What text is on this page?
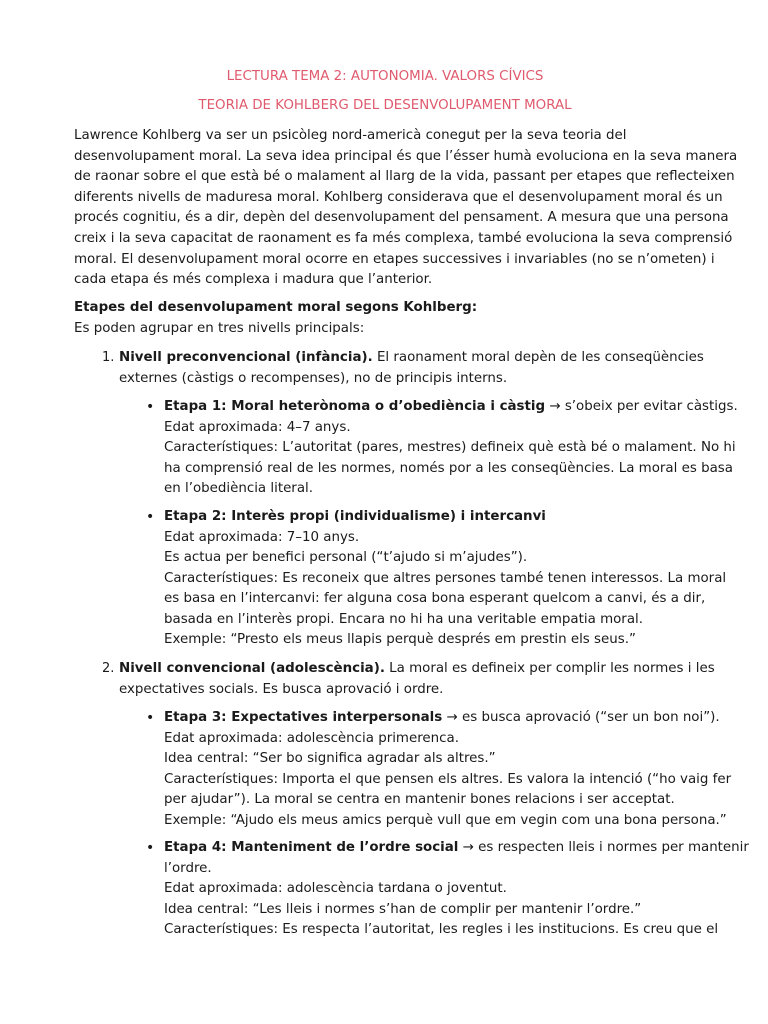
LECTURA TEMA 2: AUTONOMIA. VALORS CÍVICS

TEORIA DE KOHLBERG DEL DESENVOLUPAMENT MORAL

Lawrence Kohlberg va ser un psicòleg nord-americà conegut per la seva teoria del
desenvolupament moral. La seva idea principal és que l’ésser humà evoluciona en la seva manera
de raonar sobre el que està bé o malament al llarg de la vida, passant per etapes que reflecteixen
diferents nivells de maduresa moral. Kohlberg considerava que el desenvolupament moral és un
procés cognitiu, és a dir, depèn del desenvolupament del pensament. A mesura que una persona
creix i la seva capacitat de raonament es fa més complexa, també evoluciona la seva comprensió
moral. El desenvolupament moral ocorre en etapes successives i invariables (no se n’ometen) i
cada etapa és més complexa i madura que l’anterior.

Etapes del desenvolupament moral segons Kohlberg:

Es poden agrupar en tres nivells principals:

1. Nivell preconvencional (infància). El raonament moral depèn de les conseqüències
externes (càstigs o recompenses), no de principis interns.
• Etapa 1: Moral heterònoma o d’obediència i càstig → s’obeix per evitar càstigs.
Edat aproximada: 4–7 anys.
Característiques: L’autoritat (pares, mestres) defineix què està bé o malament. No hi
ha comprensió real de les normes, només por a les conseqüències. La moral es basa
en l’obediència literal.
• Etapa 2: Interès propi (individualisme) i intercanvi
Edat aproximada: 7–10 anys.
Es actua per benefici personal (“t’ajudo si m’ajudes”).
Característiques: Es reconeix que altres persones també tenen interessos. La moral
es basa en l’intercanvi: fer alguna cosa bona esperant quelcom a canvi, és a dir,
basada en l’interès propi. Encara no hi ha una veritable empatia moral.
Exemple: “Presto els meus llapis perquè després em prestin els seus.”
2. Nivell convencional (adolescència). La moral es defineix per complir les normes i les
expectatives socials. Es busca aprovació i ordre.
• Etapa 3: Expectatives interpersonals → es busca aprovació (“ser un bon noi”).
Edat aproximada: adolescència primerenca.
Idea central: “Ser bo significa agradar als altres.”
Característiques: Importa el que pensen els altres. Es valora la intenció (“ho vaig fer
per ajudar”). La moral se centra en mantenir bones relacions i ser acceptat.
Exemple: “Ajudo els meus amics perquè vull que em vegin com una bona persona.”
• Etapa 4: Manteniment de l’ordre social → es respecten lleis i normes per mantenir
l’ordre.
Edat aproximada: adolescència tardana o joventut.
Idea central: “Les lleis i normes s’han de complir per mantenir l’ordre.”
Característiques: Es respecta l’autoritat, les regles i les institucions. Es creu que el
